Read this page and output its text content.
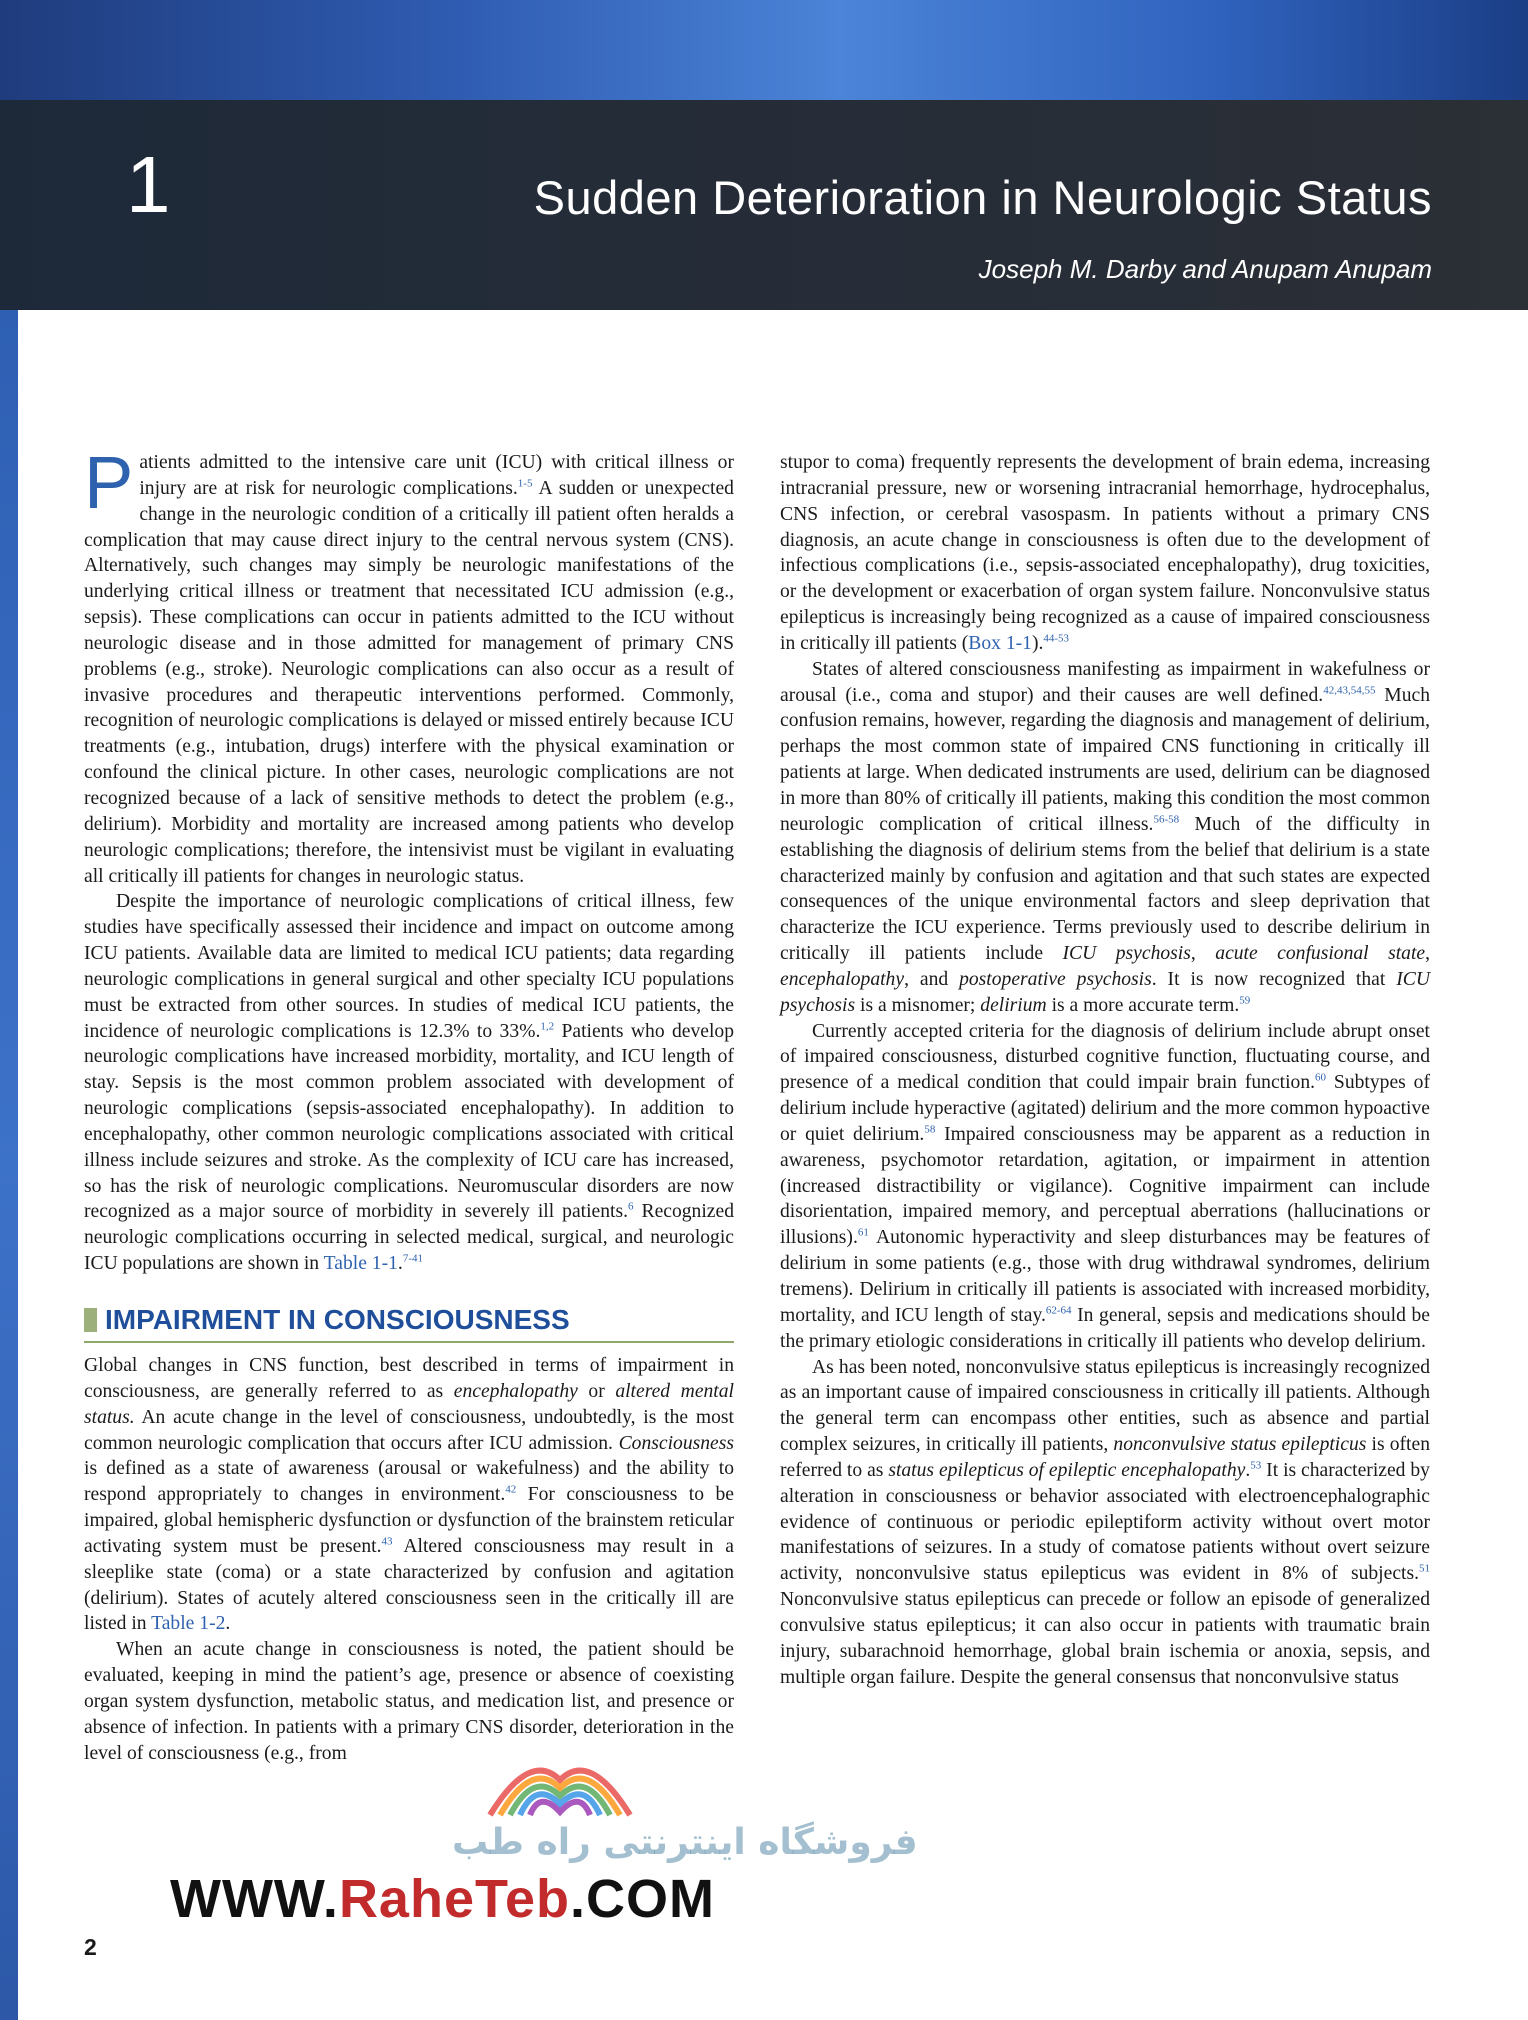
1	Sudden Deterioration in Neurologic Status
Joseph M. Darby and Anupam Anupam

Patients admitted to the intensive care unit (ICU) with critical illness or injury are at risk for neurologic complications.$^{1-5}$ A sudden or unexpected change in the neurologic condition of a critically ill patient often heralds a complication that may cause direct injury to the central nervous system (CNS). Alternatively, such changes may simply be neurologic manifestations of the underlying critical illness or treatment that necessitated ICU admission (e.g., sepsis). These complications can occur in patients admitted to the ICU without neurologic disease and in those admitted for management of primary CNS problems (e.g., stroke). Neurologic complications can also occur as a result of invasive procedures and therapeutic interventions performed. Commonly, recognition of neurologic complications is delayed or missed entirely because ICU treatments (e.g., intubation, drugs) interfere with the physical examination or confound the clinical picture. In other cases, neurologic complications are not recognized because of a lack of sensitive methods to detect the problem (e.g., delirium). Morbidity and mortality are increased among patients who develop neurologic complications; therefore, the intensivist must be vigilant in evaluating all critically ill patients for changes in neurologic status.

Despite the importance of neurologic complications of critical illness, few studies have specifically assessed their incidence and impact on outcome among ICU patients. Available data are limited to medical ICU patients; data regarding neurologic complications in general surgical and other specialty ICU populations must be extracted from other sources. In studies of medical ICU patients, the incidence of neurologic complications is 12.3% to 33%.$^{1,2}$ Patients who develop neurologic complications have increased morbidity, mortality, and ICU length of stay. Sepsis is the most common problem associated with development of neurologic complications (sepsis-associated encephalopathy). In addition to encephalopathy, other common neurologic complications associated with critical illness include seizures and stroke. As the complexity of ICU care has increased, so has the risk of neurologic complications. Neuromuscular disorders are now recognized as a major source of morbidity in severely ill patients.$^6$ Recognized neurologic complications occurring in selected medical, surgical, and neurologic ICU populations are shown in Table 1-1.$^{7-41}$

IMPAIRMENT IN CONSCIOUSNESS

Global changes in CNS function, best described in terms of impairment in consciousness, are generally referred to as encephalopathy or altered mental status. An acute change in the level of consciousness, undoubtedly, is the most common neurologic complication that occurs after ICU admission. Consciousness is defined as a state of awareness (arousal or wakefulness) and the ability to respond appropriately to changes in environment.$^{42}$ For consciousness to be impaired, global hemispheric dysfunction or dysfunction of the brainstem reticular activating system must be present.$^{43}$ Altered consciousness may result in a sleeplike state (coma) or a state characterized by confusion and agitation (delirium). States of acutely altered consciousness seen in the critically ill are listed in Table 1-2.

When an acute change in consciousness is noted, the patient should be evaluated, keeping in mind the patient’s age, presence or absence of coexisting organ system dysfunction, metabolic status, and medication list, and presence or absence of infection. In patients with a primary CNS disorder, deterioration in the level of consciousness (e.g., from

stupor to coma) frequently represents the development of brain edema, increasing intracranial pressure, new or worsening intracranial hemorrhage, hydrocephalus, CNS infection, or cerebral vasospasm. In patients without a primary CNS diagnosis, an acute change in consciousness is often due to the development of infectious complications (i.e., sepsis-associated encephalopathy), drug toxicities, or the development or exacerbation of organ system failure. Nonconvulsive status epilepticus is increasingly being recognized as a cause of impaired consciousness in critically ill patients (Box 1-1).$^{44-53}$

States of altered consciousness manifesting as impairment in wakefulness or arousal (i.e., coma and stupor) and their causes are well defined.$^{42,43,54,55}$ Much confusion remains, however, regarding the diagnosis and management of delirium, perhaps the most common state of impaired CNS functioning in critically ill patients at large. When dedicated instruments are used, delirium can be diagnosed in more than 80% of critically ill patients, making this condition the most common neurologic complication of critical illness.$^{56-58}$ Much of the difficulty in establishing the diagnosis of delirium stems from the belief that delirium is a state characterized mainly by confusion and agitation and that such states are expected consequences of the unique environmental factors and sleep deprivation that characterize the ICU experience. Terms previously used to describe delirium in critically ill patients include ICU psychosis, acute confusional state, encephalopathy, and postoperative psychosis. It is now recognized that ICU psychosis is a misnomer; delirium is a more accurate term.$^{59}$

Currently accepted criteria for the diagnosis of delirium include abrupt onset of impaired consciousness, disturbed cognitive function, fluctuating course, and presence of a medical condition that could impair brain function.$^{60}$ Subtypes of delirium include hyperactive (agitated) delirium and the more common hypoactive or quiet delirium.$^{58}$ Impaired consciousness may be apparent as a reduction in awareness, psychomotor retardation, agitation, or impairment in attention (increased distractibility or vigilance). Cognitive impairment can include disorientation, impaired memory, and perceptual aberrations (hallucinations or illusions).$^{61}$ Autonomic hyperactivity and sleep disturbances may be features of delirium in some patients (e.g., those with drug withdrawal syndromes, delirium tremens). Delirium in critically ill patients is associated with increased morbidity, mortality, and ICU length of stay.$^{62-64}$ In general, sepsis and medications should be the primary etiologic considerations in critically ill patients who develop delirium.

As has been noted, nonconvulsive status epilepticus is increasingly recognized as an important cause of impaired consciousness in critically ill patients. Although the general term can encompass other entities, such as absence and partial complex seizures, in critically ill patients, nonconvulsive status epilepticus is often referred to as status epilepticus of epileptic encephalopathy.$^{53}$ It is characterized by alteration in consciousness or behavior associated with electroencephalographic evidence of continuous or periodic epileptiform activity without overt motor manifestations of seizures. In a study of comatose patients without overt seizure activity, nonconvulsive status epilepticus was evident in 8% of subjects.$^{51}$ Nonconvulsive status epilepticus can precede or follow an episode of generalized convulsive status epilepticus; it can also occur in patients with traumatic brain injury, subarachnoid hemorrhage, global brain ischemia or anoxia, sepsis, and multiple organ failure. Despite the general consensus that nonconvulsive status

فروشگاه اینترنتی راه طب
WWW.RaheTeb.COM
2
